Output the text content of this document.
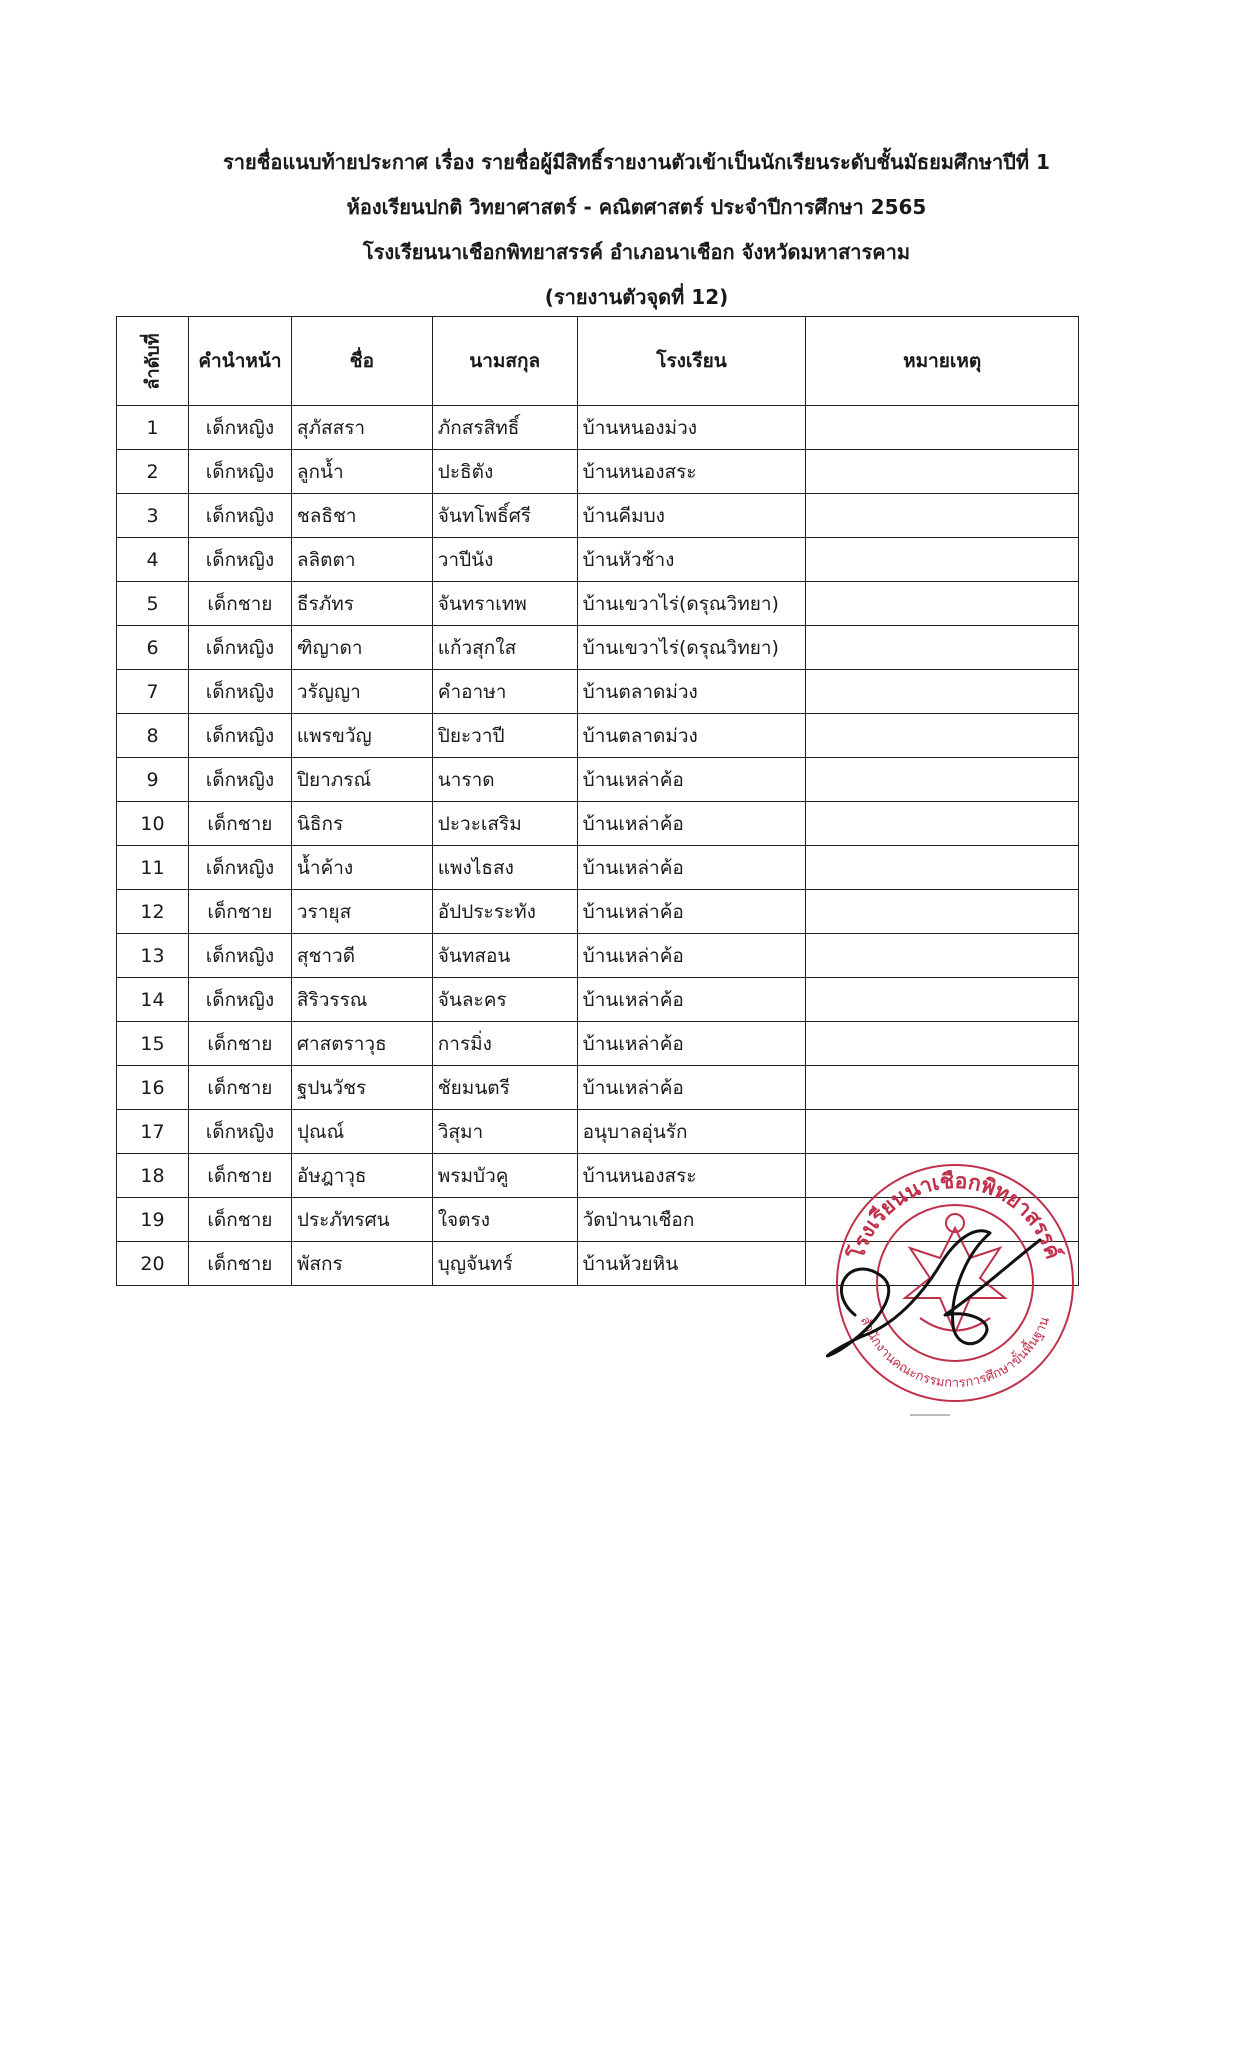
รายชื่อแนบท้ายประกาศ เรื่อง รายชื่อผู้มีสิทธิ์รายงานตัวเข้าเป็นนักเรียนระดับชั้นมัธยมศึกษาปีที่ 1
ห้องเรียนปกติ วิทยาศาสตร์ - คณิตศาสตร์ ประจำปีการศึกษา 2565
โรงเรียนนาเชือกพิทยาสรรค์ อำเภอนาเชือก จังหวัดมหาสารคาม
(รายงานตัวจุดที่ 12)
ลำดับที่	คำนำหน้า	ชื่อ	นามสกุล	โรงเรียน	หมายเหตุ
1	เด็กหญิง	สุภัสสรา	ภักสรสิทธิ์	บ้านหนองม่วง	
2	เด็กหญิง	ลูกน้ำ	ปะธิตัง	บ้านหนองสระ	
3	เด็กหญิง	ชลธิชา	จันทโพธิ์ศรี	บ้านคีมบง	
4	เด็กหญิง	ลลิตตา	วาปีนัง	บ้านหัวช้าง	
5	เด็กชาย	ธีรภัทร	จันทราเทพ	บ้านเขวาไร่(ดรุณวิทยา)	
6	เด็กหญิง	ฑิญาดา	แก้วสุกใส	บ้านเขวาไร่(ดรุณวิทยา)	
7	เด็กหญิง	วรัญญา	คำอาษา	บ้านตลาดม่วง	
8	เด็กหญิง	แพรขวัญ	ปิยะวาปี	บ้านตลาดม่วง	
9	เด็กหญิง	ปิยาภรณ์	นาราด	บ้านเหล่าค้อ	
10	เด็กชาย	นิธิกร	ปะวะเสริม	บ้านเหล่าค้อ	
11	เด็กหญิง	น้ำค้าง	แพงไธสง	บ้านเหล่าค้อ	
12	เด็กชาย	วรายุส	อัปประระทัง	บ้านเหล่าค้อ	
13	เด็กหญิง	สุชาวดี	จันทสอน	บ้านเหล่าค้อ	
14	เด็กหญิง	สิริวรรณ	จันละคร	บ้านเหล่าค้อ	
15	เด็กชาย	ศาสตราวุธ	การมิ่ง	บ้านเหล่าค้อ	
16	เด็กชาย	ฐปนวัชร	ชัยมนตรี	บ้านเหล่าค้อ	
17	เด็กหญิง	ปุณณ์	วิสุมา	อนุบาลอุ่นรัก	
18	เด็กชาย	อัษฎาวุธ	พรมบัวคู	บ้านหนองสระ	
19	เด็กชาย	ประภัทรศน	ใจตรง	วัดป่านาเชือก	
20	เด็กชาย	พัสกร	บุญจันทร์	บ้านห้วยหิน		โรงเรียนนาเชือกพิทยาสรรค์
สำนักงานคณะกรรมการการศึกษาขั้นพื้นฐาน
